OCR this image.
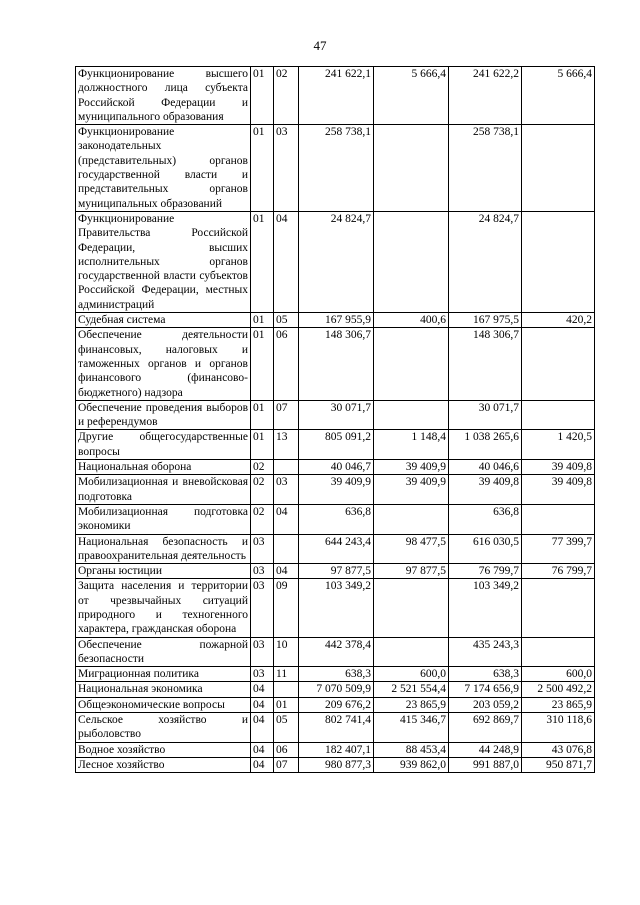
47
Функционирование высшего должностного лица субъекта Российской Федерации и муниципального образования	01	02	241 622,1	5 666,4	241 622,2	5 666,4
Функционирование законодательных (представительных) органов государственной власти и представительных органов муниципальных образований	01	03	258 738,1		258 738,1	
Функционирование Правительства Российской Федерации, высших исполнительных органов государственной власти субъектов Российской Федерации, местных администраций	01	04	24 824,7		24 824,7	
Судебная система	01	05	167 955,9	400,6	167 975,5	420,2
Обеспечение деятельности финансовых, налоговых и таможенных органов и органов финансового (финансово-бюджетного) надзора	01	06	148 306,7		148 306,7	
Обеспечение проведения выборов и референдумов	01	07	30 071,7		30 071,7	
Другие общегосударственные вопросы	01	13	805 091,2	1 148,4	1 038 265,6	1 420,5
Национальная оборона	02		40 046,7	39 409,9	40 046,6	39 409,8
Мобилизационная и вневойсковая подготовка	02	03	39 409,9	39 409,9	39 409,8	39 409,8
Мобилизационная подготовка экономики	02	04	636,8		636,8	
Национальная безопасность и правоохранительная деятельность	03		644 243,4	98 477,5	616 030,5	77 399,7
Органы юстиции	03	04	97 877,5	97 877,5	76 799,7	76 799,7
Защита населения и территории от чрезвычайных ситуаций природного и техногенного характера, гражданская оборона	03	09	103 349,2		103 349,2	
Обеспечение пожарной безопасности	03	10	442 378,4		435 243,3	
Миграционная политика	03	11	638,3	600,0	638,3	600,0
Национальная экономика	04		7 070 509,9	2 521 554,4	7 174 656,9	2 500 492,2
Общеэкономические вопросы	04	01	209 676,2	23 865,9	203 059,2	23 865,9
Сельское хозяйство и рыболовство	04	05	802 741,4	415 346,7	692 869,7	310 118,6
Водное хозяйство	04	06	182 407,1	88 453,4	44 248,9	43 076,8
Лесное хозяйство	04	07	980 877,3	939 862,0	991 887,0	950 871,7
